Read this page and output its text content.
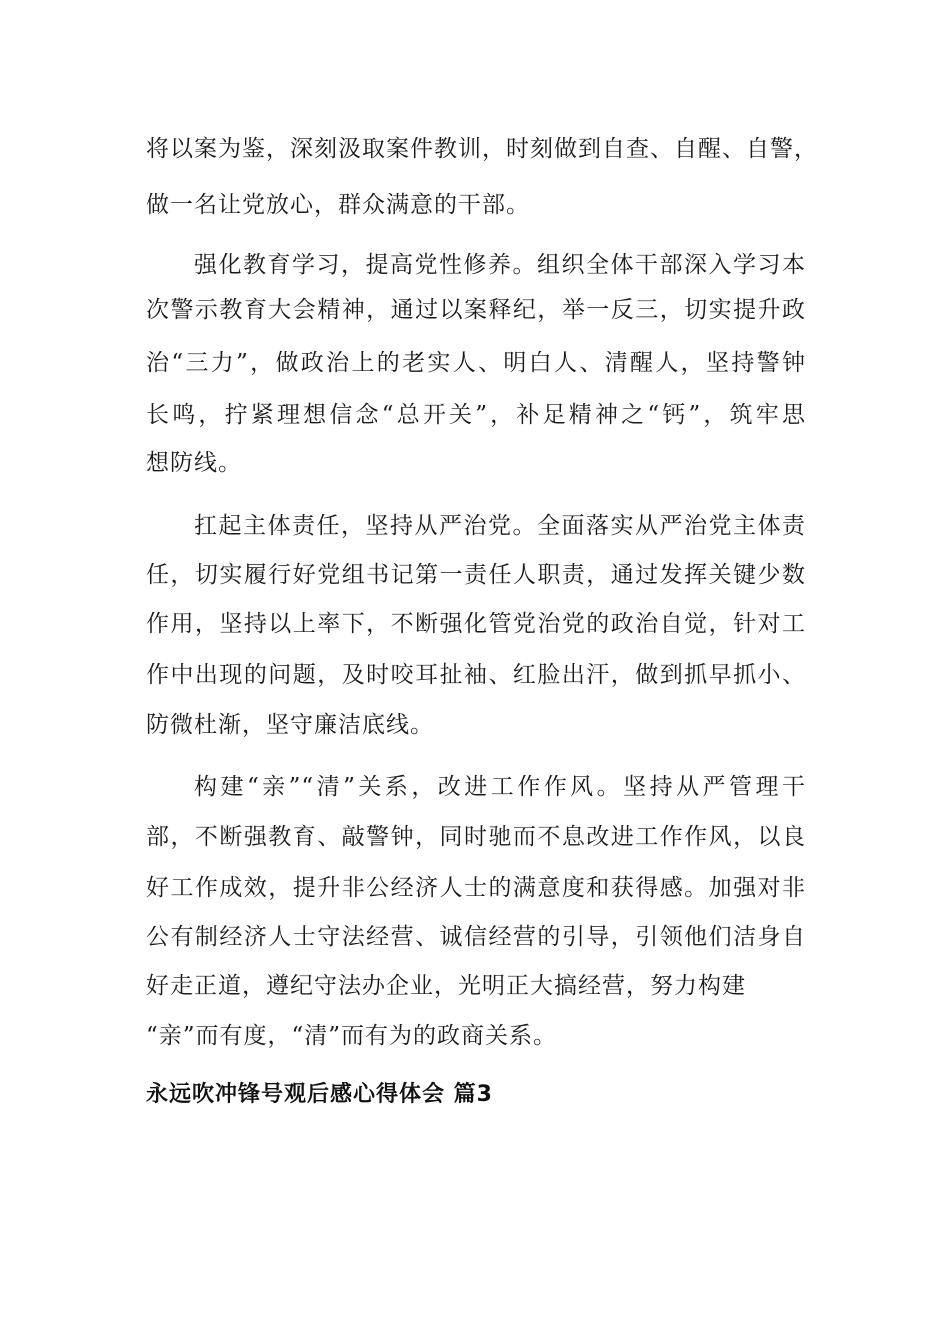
将以案为鉴，深刻汲取案件教训，时刻做到自查、自醒、自警，
做一名让党放心，群众满意的干部。
强化教育学习，提高党性修养。组织全体干部深入学习本
次警示教育大会精神，通过以案释纪，举一反三，切实提升政
治“三力”，做政治上的老实人、明白人、清醒人，坚持警钟
长鸣，拧紧理想信念“总开关”，补足精神之“钙”，筑牢思
想防线。
扛起主体责任，坚持从严治党。全面落实从严治党主体责
任，切实履行好党组书记第一责任人职责，通过发挥关键少数
作用，坚持以上率下，不断强化管党治党的政治自觉，针对工
作中出现的问题，及时咬耳扯袖、红脸出汗，做到抓早抓小、
防微杜渐，坚守廉洁底线。
构建“亲”“清”关系，改进工作作风。坚持从严管理干
部，不断强教育、敲警钟，同时驰而不息改进工作作风，以良
好工作成效，提升非公经济人士的满意度和获得感。加强对非
公有制经济人士守法经营、诚信经营的引导，引领他们洁身自
好走正道，遵纪守法办企业，光明正大搞经营，努力构建
“亲”而有度，“清”而有为的政商关系。
永远吹冲锋号观后感心得体会 篇3
